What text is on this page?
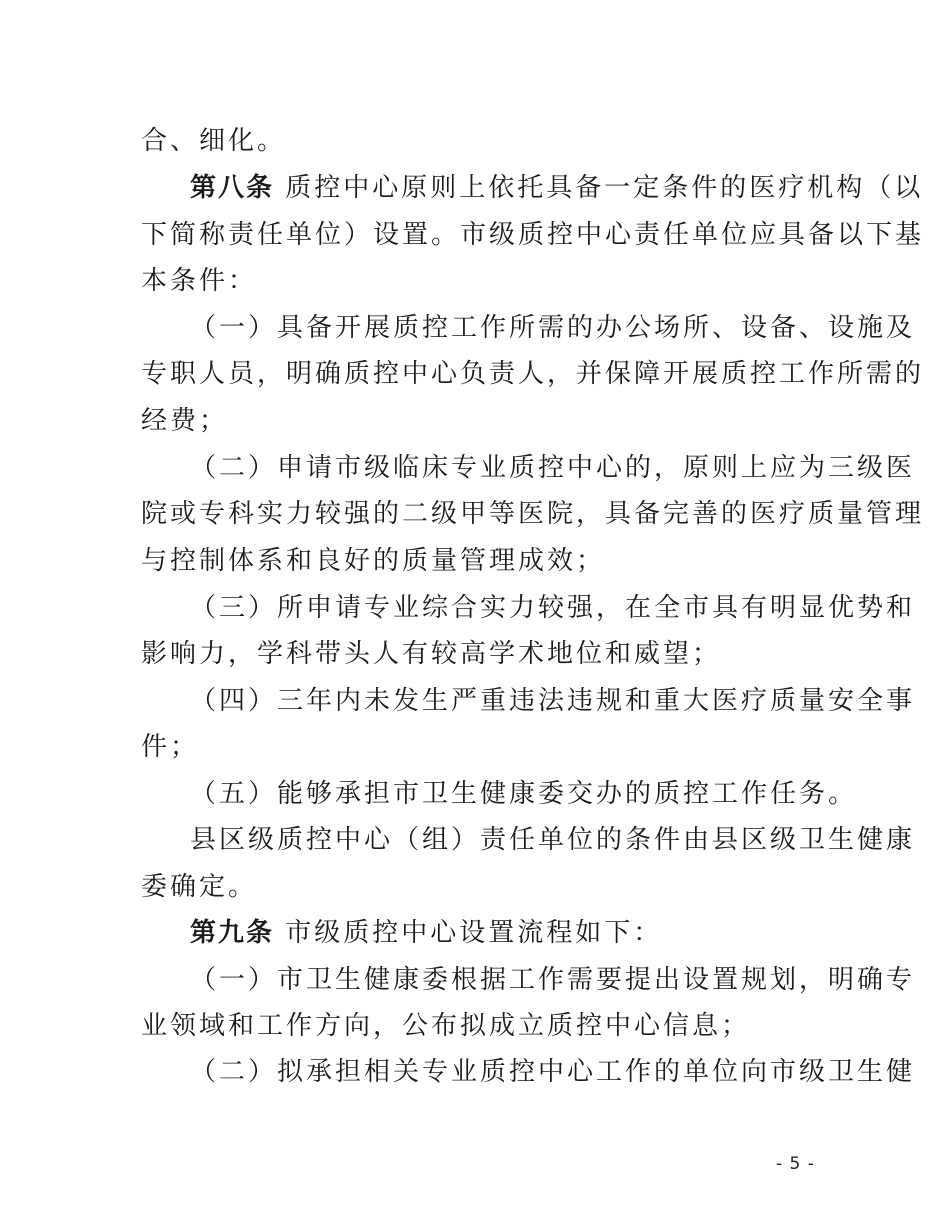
合、细化。
第八条 质控中心原则上依托具备一定条件的医疗机构（以
下简称责任单位）设置。市级质控中心责任单位应具备以下基
本条件：
（一）具备开展质控工作所需的办公场所、设备、设施及
专职人员，明确质控中心负责人，并保障开展质控工作所需的
经费；
（二）申请市级临床专业质控中心的，原则上应为三级医
院或专科实力较强的二级甲等医院，具备完善的医疗质量管理
与控制体系和良好的质量管理成效；
（三）所申请专业综合实力较强，在全市具有明显优势和
影响力，学科带头人有较高学术地位和威望；
（四）三年内未发生严重违法违规和重大医疗质量安全事
件；
（五）能够承担市卫生健康委交办的质控工作任务。
县区级质控中心（组）责任单位的条件由县区级卫生健康
委确定。
第九条 市级质控中心设置流程如下：
（一）市卫生健康委根据工作需要提出设置规划，明确专
业领域和工作方向，公布拟成立质控中心信息；
（二）拟承担相关专业质控中心工作的单位向市级卫生健
- 5 -
